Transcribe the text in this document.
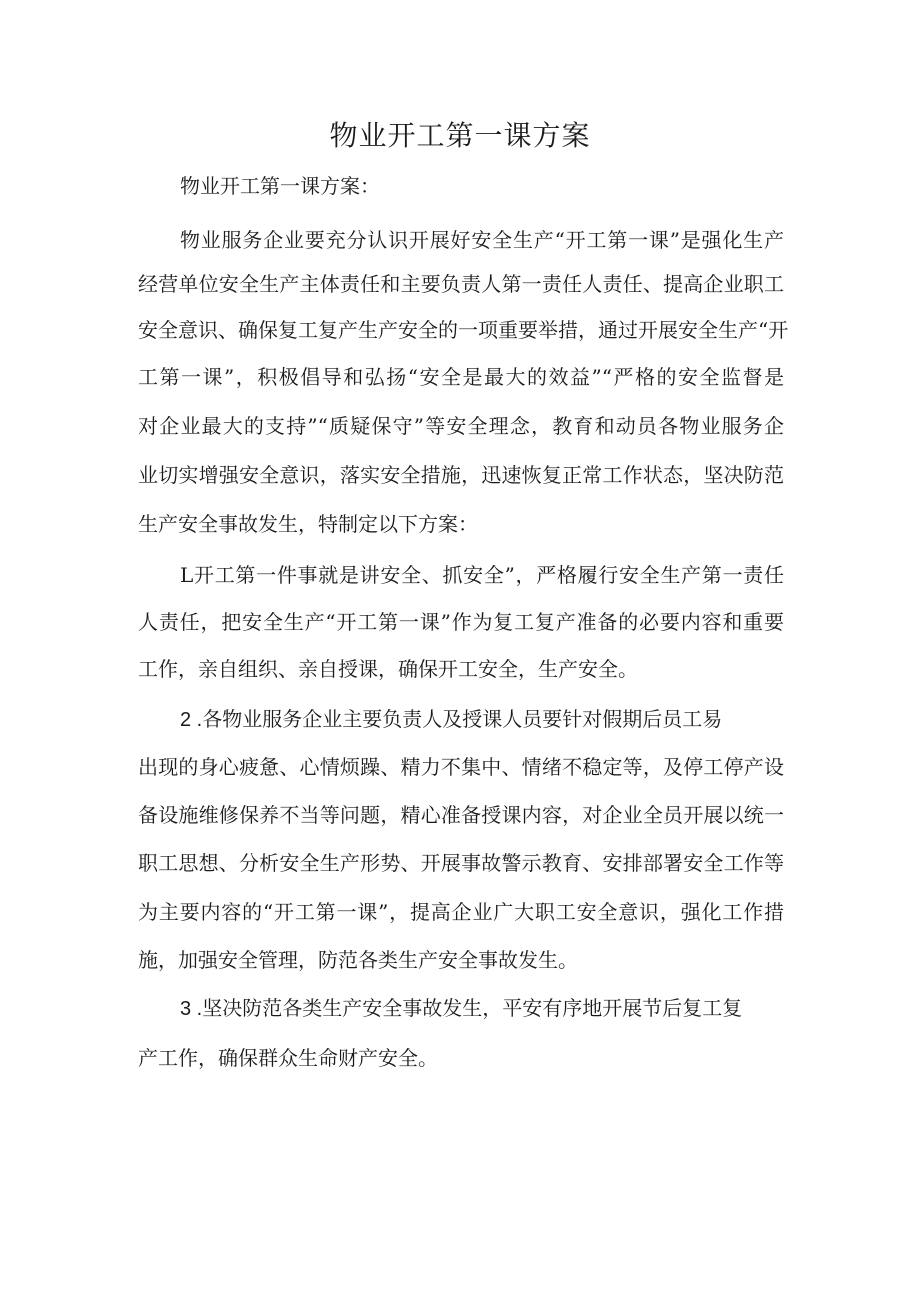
物业开工第一课方案

物业开工第一课方案：

物业服务企业要充分认识开展好安全生产“开工第一课”是强化生产

经营单位安全生产主体责任和主要负责人第一责任人责任、提高企业职工

安全意识、确保复工复产生产安全的一项重要举措，通过开展安全生产“开

工第一课”，积极倡导和弘扬“安全是最大的效益”“严格的安全监督是

对企业最大的支持”“质疑保守”等安全理念，教育和动员各物业服务企

业切实增强安全意识，落实安全措施，迅速恢复正常工作状态，坚决防范

生产安全事故发生，特制定以下方案：

L开工第一件事就是讲安全、抓安全”，严格履行安全生产第一责任

人责任，把安全生产“开工第一课”作为复工复产准备的必要内容和重要

工作，亲自组织、亲自授课，确保开工安全，生产安全。

2 .各物业服务企业主要负责人及授课人员要针对假期后员工易

出现的身心疲惫、心情烦躁、精力不集中、情绪不稳定等，及停工停产设

备设施维修保养不当等问题，精心准备授课内容，对企业全员开展以统一

职工思想、分析安全生产形势、开展事故警示教育、安排部署安全工作等

为主要内容的“开工第一课”，提高企业广大职工安全意识，强化工作措

施，加强安全管理，防范各类生产安全事故发生。

3 .坚决防范各类生产安全事故发生，平安有序地开展节后复工复

产工作，确保群众生命财产安全。
